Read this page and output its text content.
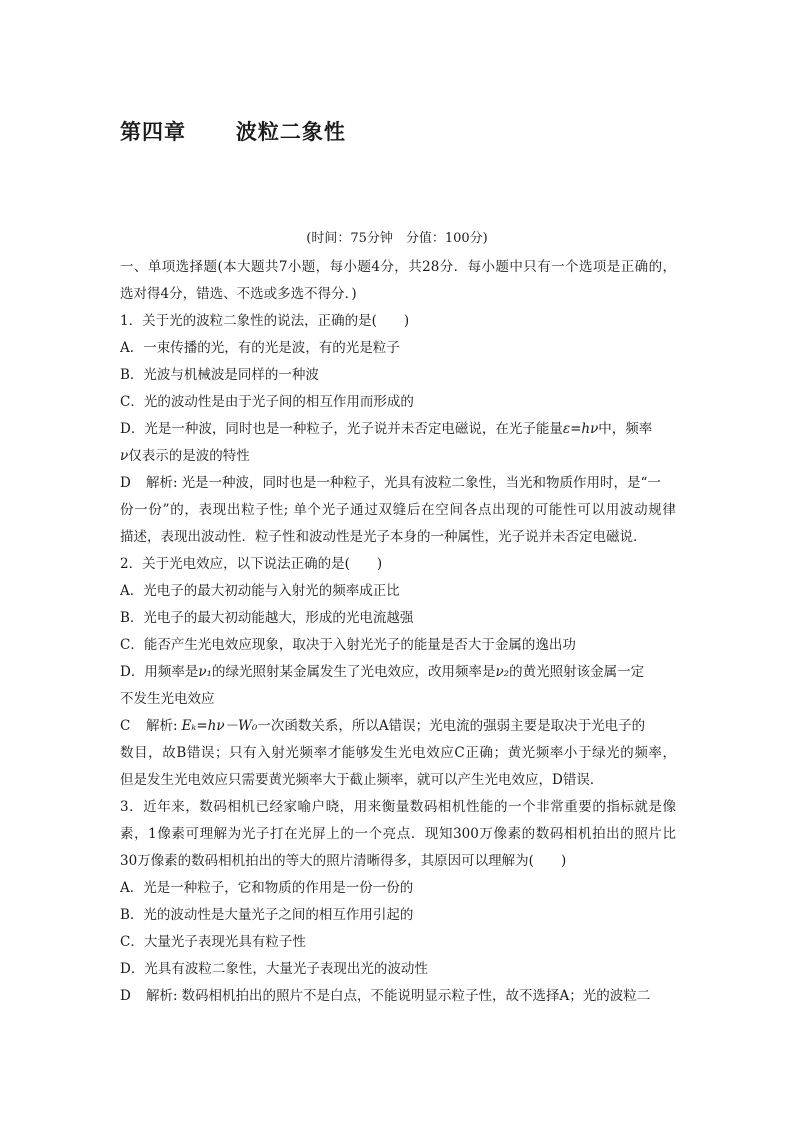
第四章 波粒二象性
(时间：75分钟　分值：100分)
一、单项选择题(本大题共7小题，每小题4分，共28分．每小题中只有一个选项是正确的，
选对得4分，错选、不选或多选不得分．)
1．关于光的波粒二象性的说法，正确的是(　　)
A．一束传播的光，有的光是波，有的光是粒子
B．光波与机械波是同样的一种波
C．光的波动性是由于光子间的相互作用而形成的
D．光是一种波，同时也是一种粒子，光子说并未否定电磁说，在光子能量ε=hν中，频率
ν仅表示的是波的特性
D 解析: 光是一种波，同时也是一种粒子，光具有波粒二象性，当光和物质作用时，是“一
份一份”的，表现出粒子性; 单个光子通过双缝后在空间各点出现的可能性可以用波动规律
描述，表现出波动性．粒子性和波动性是光子本身的一种属性，光子说并未否定电磁说．
2．关于光电效应，以下说法正确的是(　　)
A．光电子的最大初动能与入射光的频率成正比
B．光电子的最大初动能越大，形成的光电流越强
C．能否产生光电效应现象，取决于入射光光子的能量是否大于金属的逸出功
D．用频率是ν₁的绿光照射某金属发生了光电效应，改用频率是ν₂的黄光照射该金属一定
不发生光电效应
C 解析: Eₖ=hν－W₀一次函数关系，所以A错误；光电流的强弱主要是取决于光电子的
数目，故B错误；只有入射光频率才能够发生光电效应C正确；黄光频率小于绿光的频率，
但是发生光电效应只需要黄光频率大于截止频率，就可以产生光电效应，D错误．
3．近年来，数码相机已经家喻户晓，用来衡量数码相机性能的一个非常重要的指标就是像
素，1像素可理解为光子打在光屏上的一个亮点．现知300万像素的数码相机拍出的照片比
30万像素的数码相机拍出的等大的照片清晰得多，其原因可以理解为(　　)
A．光是一种粒子，它和物质的作用是一份一份的
B．光的波动性是大量光子之间的相互作用引起的
C．大量光子表现光具有粒子性
D．光具有波粒二象性，大量光子表现出光的波动性
D 解析: 数码相机拍出的照片不是白点，不能说明显示粒子性，故不选择A；光的波粒二
